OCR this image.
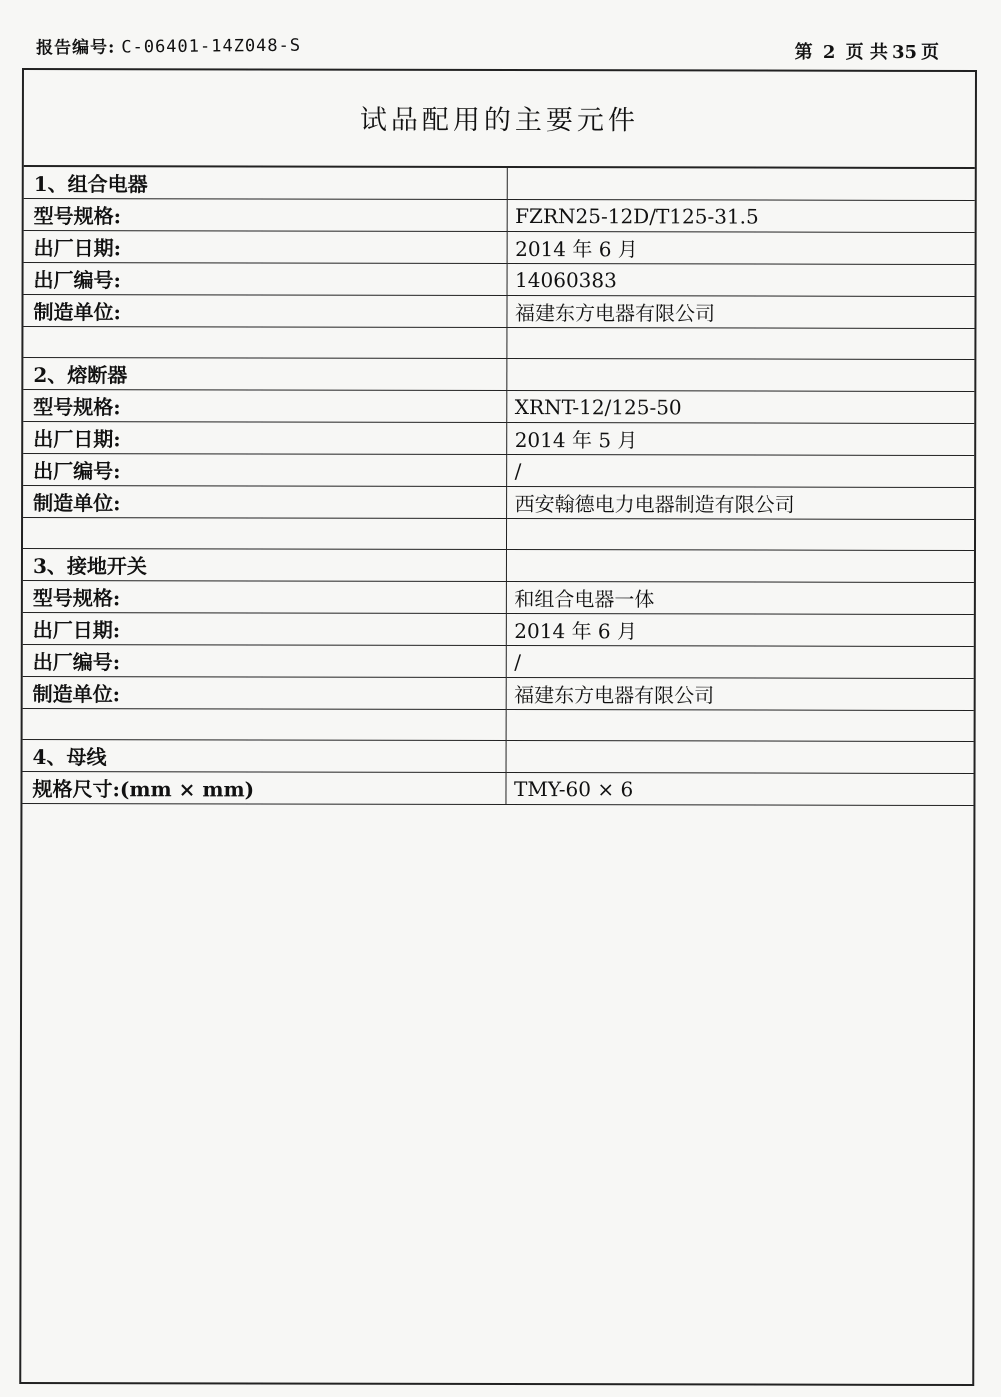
报告编号: C-06401-14Z048-S	第 2 页 共 35 页
试品配用的主要元件
1、组合电器	
型号规格:	FZRN25-12D/T125-31.5
出厂日期:	2014 年 6 月
出厂编号:	14060383
制造单位:	福建东方电器有限公司

2、熔断器	
型号规格:	XRNT-12/125-50
出厂日期:	2014 年 5 月
出厂编号:	/
制造单位:	西安翰德电力电器制造有限公司

3、接地开关	
型号规格:	和组合电器一体
出厂日期:	2014 年 6 月
出厂编号:	/
制造单位:	福建东方电器有限公司

4、母线	
规格尺寸:(mm × mm)	TMY-60 × 6
